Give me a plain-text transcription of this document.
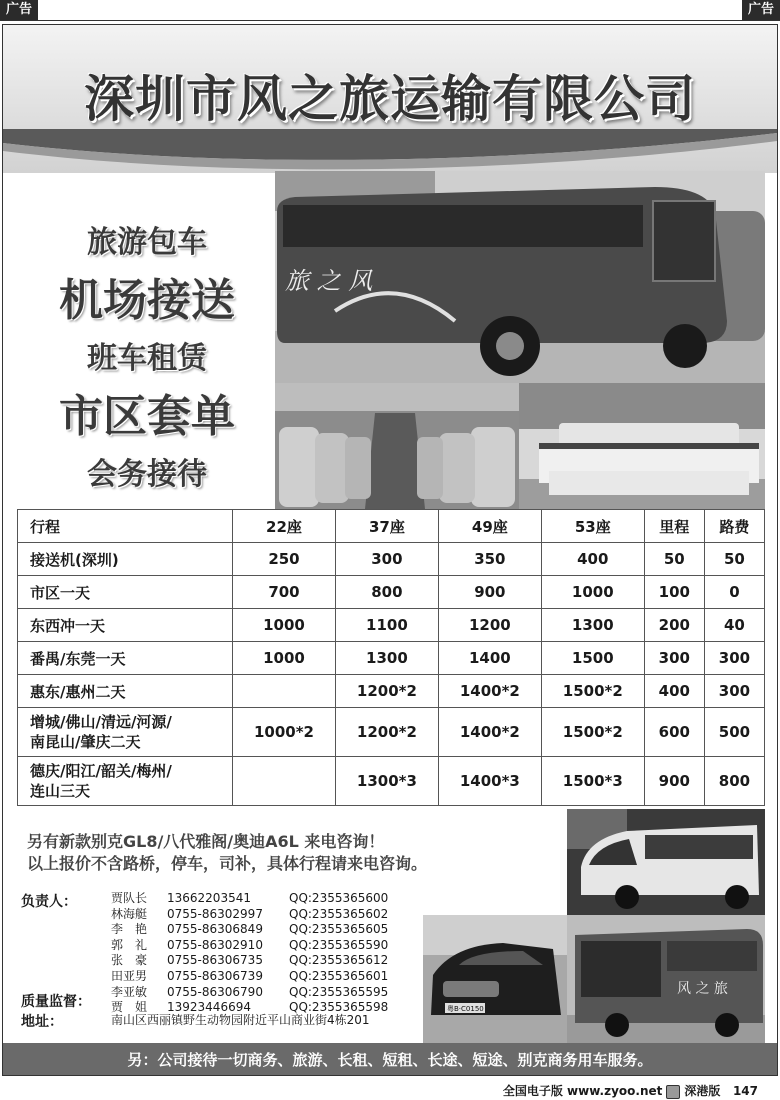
广告	广告
深圳市风之旅运输有限公司
旅游包车
机场接送
班车租赁
市区套单
会务接待
旅 之 风
行程	22座	37座	49座	53座	里程	路费
接送机(深圳)	250	300	350	400	50	50
市区一天	700	800	900	1000	100	0
东西冲一天	1000	1100	1200	1300	200	40
番禺/东莞一天	1000	1300	1400	1500	300	300
惠东/惠州二天		1200*2	1400*2	1500*2	400	300
增城/佛山/清远/河源/
南昆山/肇庆二天	1000*2	1200*2	1400*2	1500*2	600	500
德庆/阳江/韶关/梅州/
连山三天		1300*3	1400*3	1500*3	900	800
另有新款别克GL8/八代雅阁/奥迪A6L 来电咨询！
以上报价不含路桥，停车，司补，具体行程请来电咨询。
负责人：
质量监督：
地址：
贾队长 13662203541	QQ:2355365600
林海艇 0755-86302997 QQ:2355365602
李　艳 0755-86306849 QQ:2355365605
郭　礼 0755-86302910 QQ:2355365590
张　豪 0755-86306735 QQ:2355365612
田亚男 0755-86306739 QQ:2355365601
李亚敏 0755-86306790 QQ:2355365595
贾　姐 13923446694	QQ:2355365598
南山区西丽镇野生动物园附近平山商业街4栋201
粤B·C0150
风 之 旅
另：公司接待一切商务、旅游、长租、短租、长途、短途、别克商务用车服务。
全国电子版 www.zyoo.net 深港版 147
